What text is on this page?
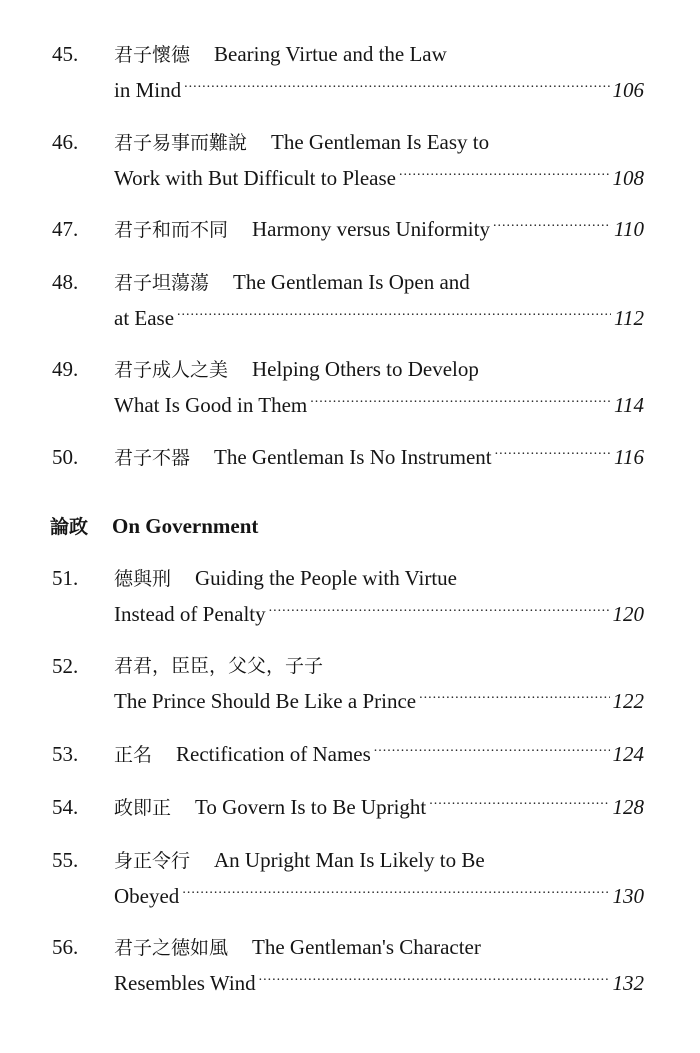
45.	君子懷德 Bearing Virtue and the Law
in Mind .....	106
46.	君子易事而難說 The Gentleman Is Easy to
Work with But Difficult to Please .....	108
47.	君子和而不同 Harmony versus Uniformity .....	110
48.	君子坦蕩蕩 The Gentleman Is Open and
at Ease .....	112
49.	君子成人之美 Helping Others to Develop
What Is Good in Them .....	114
50.	君子不器 The Gentleman Is No Instrument .....	116
論政 On Government
51.	德與刑 Guiding the People with Virtue
Instead of Penalty .....	120
52.	君君，臣臣，父父，子子
The Prince Should Be Like a Prince .....	122
53.	正名 Rectification of Names .....	124
54.	政即正 To Govern Is to Be Upright .....	128
55.	身正令行 An Upright Man Is Likely to Be
Obeyed .....	130
56.	君子之德如風 The Gentleman's Character
Resembles Wind .....	132
